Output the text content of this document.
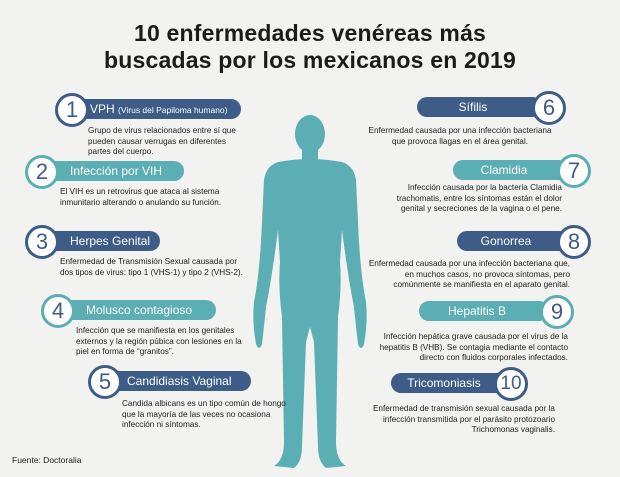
10 enfermedades venéreas más
buscadas por los mexicanos en 2019
VPH (Virus del Papiloma humano)
1
Grupo de virus relacionados entre sí que pueden causar verrugas en diferentes partes del cuerpo.
Infección por VIH
2
El VIH es un retrovirus que ataca al sistema inmunitario alterando o anulando su función.
Herpes Genital
3
Enfermedad de Transmisión Sexual causada por dos tipos de virus: tipo 1 (VHS-1) y tipo 2 (VHS-2).
Molusco contagioso
4
Infección que se manifiesta en los genitales externos y la región púbica con lesiones en la piel en forma de “granitos”.
Candidiasis Vaginal
5
Candida albicans es un tipo común de hongo que la mayoría de las veces no ocasiona infección ni síntomas.
Sífilis	6
Enfermedad causada por una infección bacteriana que provoca llagas en el área genital.
Clamidia	7
Infección causada por la bacteria Clamidia trachomatis, entre los síntomas están el dolor genital y secreciones de la vagina o el pene.
Gonorrea	8
Enfermedad causada por una infección bacteriana que, en muchos casos, no provoca síntomas, pero comúnmente se manifiesta en el aparato genital.
Hepatitis B	9
Infección hepática grave causada por el virus de la hepatitis B (VHB). Se contagia mediante el contacto directo con fluidos corporales infectados.
Tricomoniasis	10
Enfermedad de transmisión sexual causada por la infección transmitida por el parásito protozoario Trichomonas vaginalis.
Fuente: Doctoralia
